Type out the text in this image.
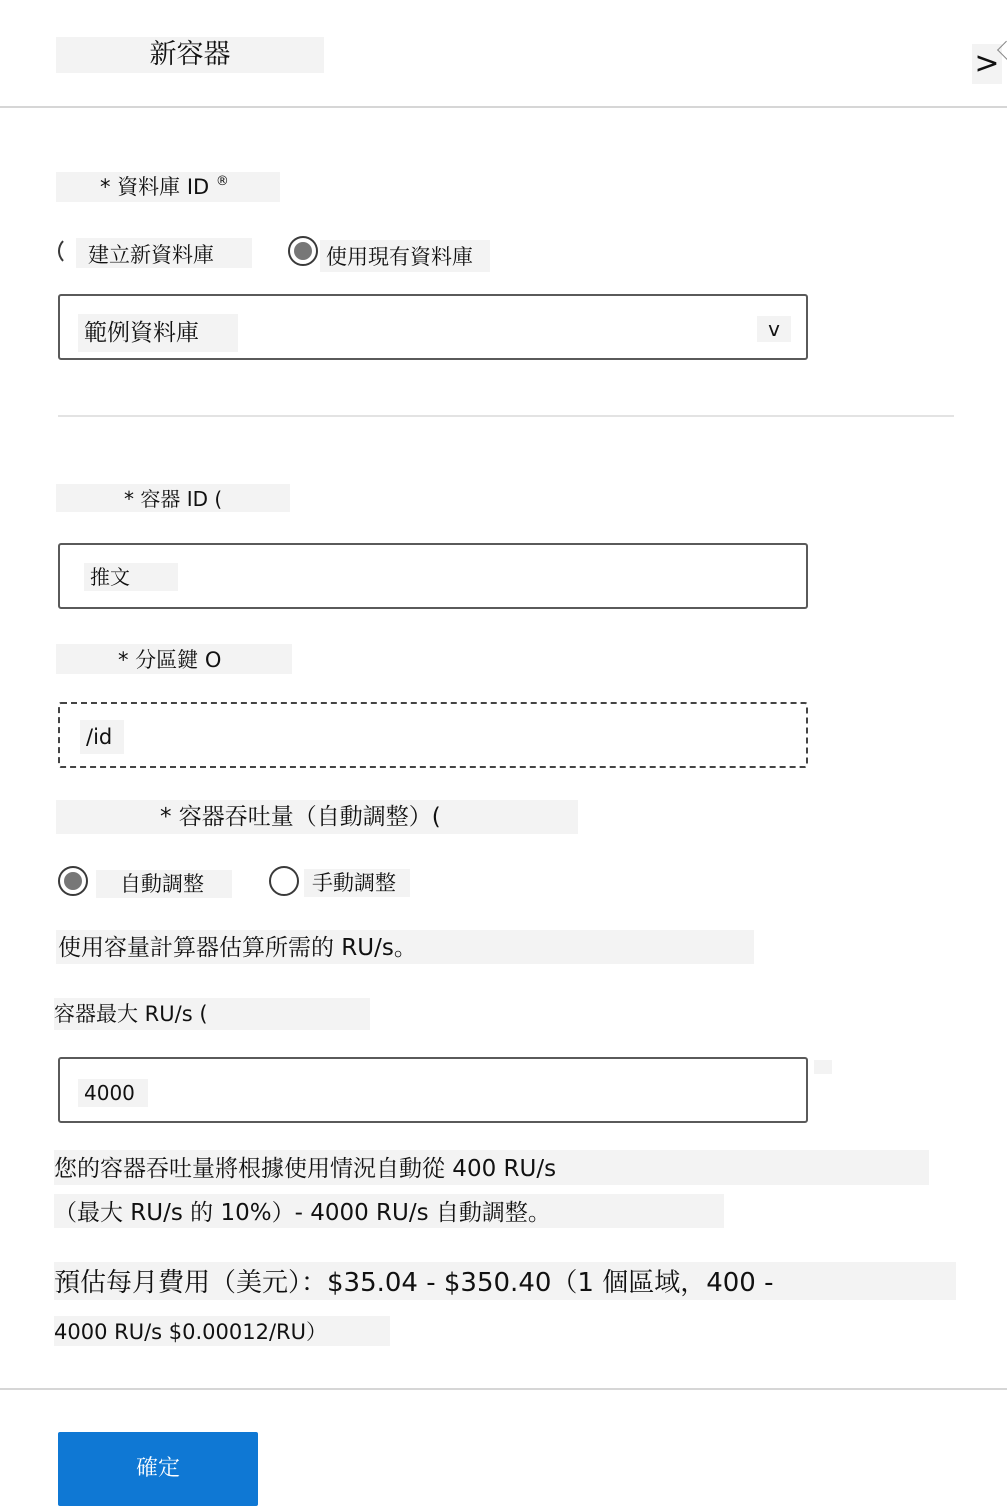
新容器	>
* 資料庫 ID ®
建立新資料庫	使用現有資料庫
範例資料庫	v
* 容器 ID (
推文
* 分區鍵 O
/id
* 容器吞吐量（自動調整）(
自動調整	手動調整
使用容量計算器估算所需的 RU/s。
容器最大 RU/s (
4000
您的容器吞吐量將根據使用情況自動從 400 RU/s
（最大 RU/s 的 10%）- 4000 RU/s 自動調整。
預估每月費用（美元）：$35.04 - $350.40（1 個區域，400 -
4000 RU/s $0.00012/RU）
確定
